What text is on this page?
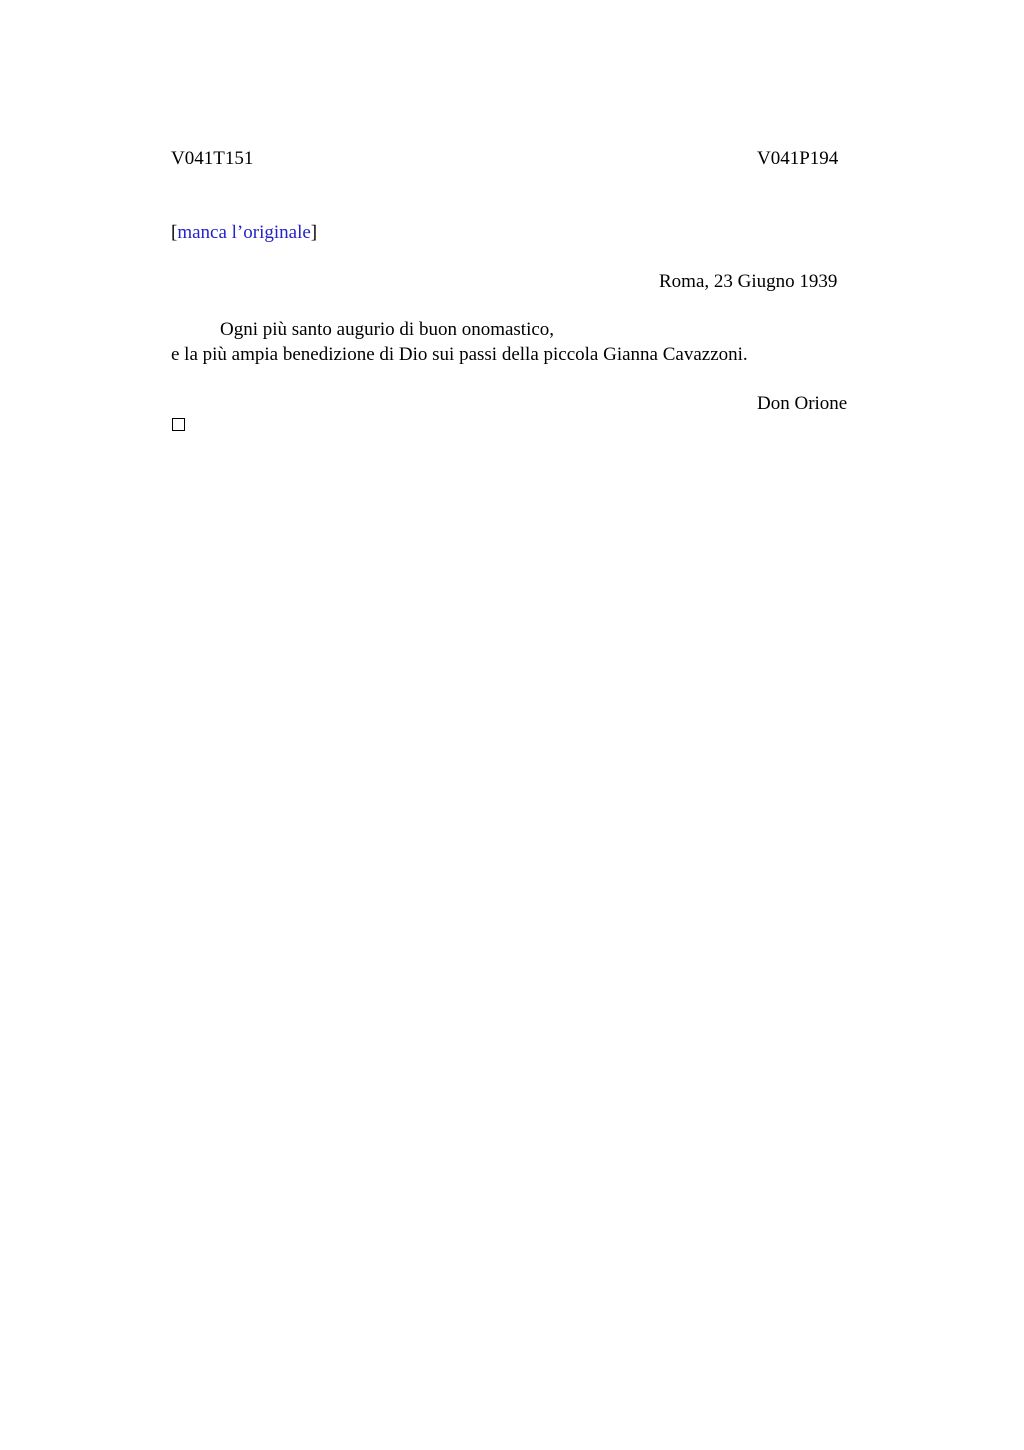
V041T151	V041P194
[manca l’originale]
Roma, 23 Giugno 1939
Ogni più santo augurio di buon onomastico,
e la più ampia benedizione di Dio sui passi della piccola Gianna Cavazzoni.
Don Orione
